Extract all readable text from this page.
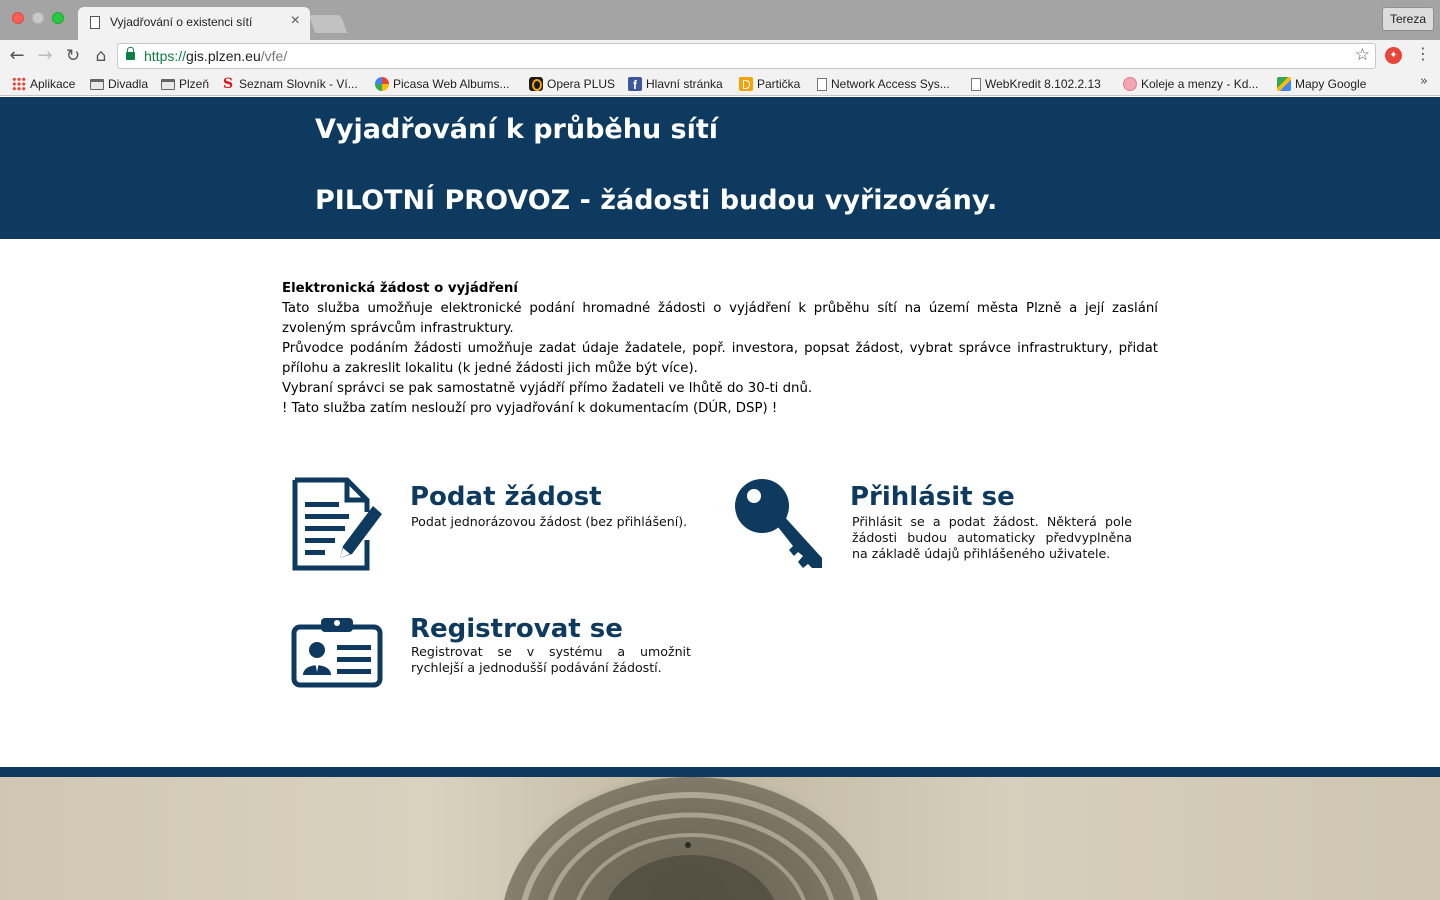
Vyjadřování o existenci sítí ×	Tereza
← → ↻ ⌂	https://gis.plzen.eu/vfe/	☆	✦ ⋮
Aplikace	Divadla	Plzeň S Seznam Slovník - Ví...	Picasa Web Albums...	Opera PLUS	f Hlavní stránka	Partička	Network Access Sys...	WebKredit 8.102.2.13	Koleje a menzy - Kd...	Mapy Google	»
Vyjadřování k průběhu sítí
PILOTNÍ PROVOZ - žádosti budou vyřizovány.

Elektronická žádost o vyjádření

Tato služba umožňuje elektronické podání hromadné žádosti o vyjádření k průběhu sítí na území města Plzně a její zaslání zvoleným správcům infrastruktury.

Průvodce podáním žádosti umožňuje zadat údaje žadatele, popř. investora, popsat žádost, vybrat správce infrastruktury, přidat přílohu a zakreslit lokalitu (k jedné žádosti jich může být více).

Vybraní správci se pak samostatně vyjádří přímo žadateli ve lhůtě do 30-ti dnů.

! Tato služba zatím neslouží pro vyjadřování k dokumentacím (DÚR, DSP) !

Podat žádost
Podat jednorázovou žádost (bez přihlášení).
Přihlásit se
Přihlásit se a podat žádost. Některá pole žádosti budou automaticky předvyplněna na základě údajů přihlášeného uživatele.
Registrovat se
Registrovat se v systému a umožnit rychlejší a jednodušší podávání žádostí.
